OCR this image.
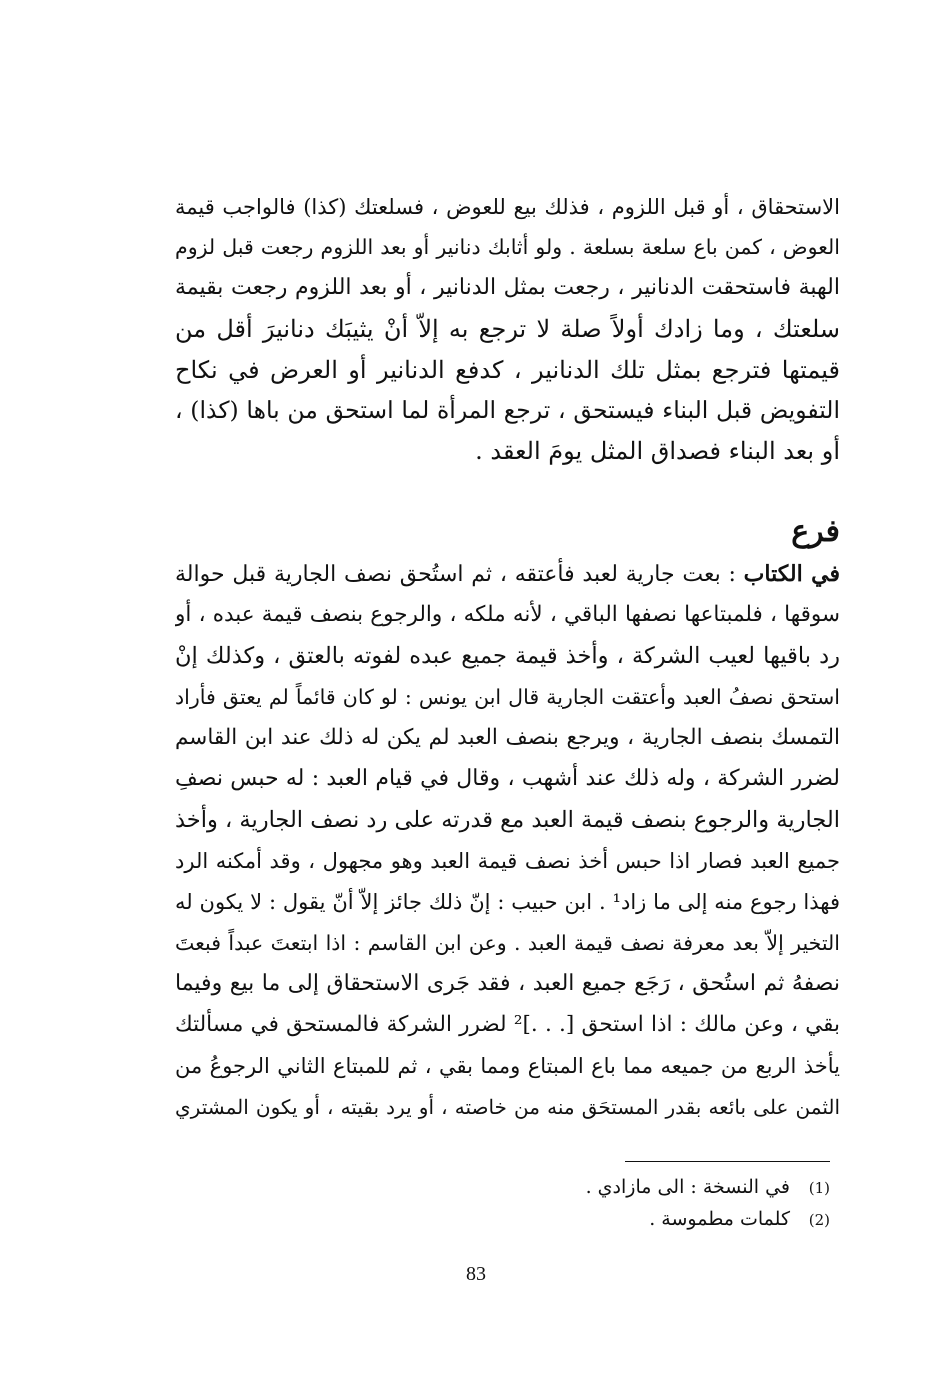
الاستحقاق ، أو قبل اللزوم ، فذلك بيع للعوض ، فسلعتك (كذا) فالواجب قيمة
العوض ، كمن باع سلعة بسلعة . ولو أثابك دنانير أو بعد اللزوم رجعت قبل لزوم
الهبة فاستحقت الدنانير ، رجعت بمثل الدنانير ، أو بعد اللزوم رجعت بقيمة
سلعتك ، وما زادك أولاً صلة لا ترجع به إلاّ أنْ يثيبَك دنانيرَ أقل من
قيمتها فترجع بمثل تلك الدنانير ، كدفع الدنانير أو العرض في نكاح
التفويض قبل البناء فيستحق ، ترجع المرأة لما استحق من باها (كذا) ،
أو بعد البناء فصداق المثل يومَ العقد .
فرع
في الكتاب : بعت جارية لعبد فأعتقه ، ثم استُحق نصف الجارية قبل حوالة
سوقها ، فلمبتاعها نصفها الباقي ، لأنه ملكه ، والرجوع بنصف قيمة عبده ، أو
رد باقيها لعيب الشركة ، وأخذ قيمة جميع عبده لفوته بالعتق ، وكذلك إنْ
استحق نصفُ العبد وأعتقت الجارية قال ابن يونس : لو كان قائماً لم يعتق فأراد
التمسك بنصف الجارية ، ويرجع بنصف العبد لم يكن له ذلك عند ابن القاسم
لضرر الشركة ، وله ذلك عند أشهب ، وقال في قيام العبد : له حبس نصفِ
الجارية والرجوع بنصف قيمة العبد مع قدرته على رد نصف الجارية ، وأخذ
جميع العبد فصار اذا حبس أخذ نصف قيمة العبد وهو مجهول ، وقد أمكنه الرد
فهذا رجوع منه إلى ما زاد¹ . ابن حبيب : إنّ ذلك جائز إلاّ أنّ يقول : لا يكون له
التخير إلاّ بعد معرفة نصف قيمة العبد . وعن ابن القاسم : اذا ابتعتَ عبداً فبعتَ
نصفهُ ثم استُحق ، رَجَع جميع العبد ، فقد جَرى الاستحقاق إلى ما بيع وفيما
بقي ، وعن مالك : اذا استحق [. . .]² لضرر الشركة فالمستحق في مسألتك
يأخذ الربع من جميعه مما باع المبتاع ومما بقي ، ثم للمبتاع الثاني الرجوعُ من
الثمن على بائعه بقدر المستحَق منه من خاصته ، أو يرد بقيته ، أو يكون المشتري
(1)في النسخة : الى مازادي .
(2)كلمات مطموسة .
83
